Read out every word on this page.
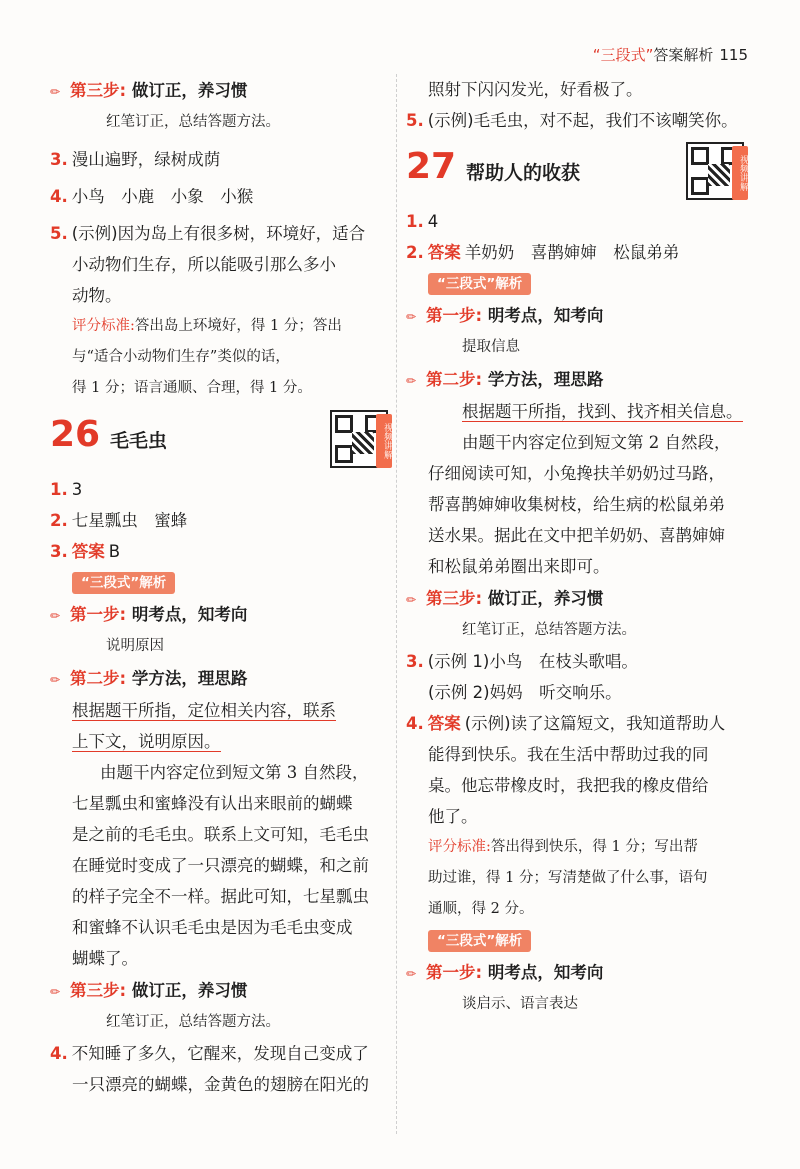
“三段式”答案解析 115
✏ 第三步: 做订正，养习惯
红笔订正，总结答题方法。
3. 漫山遍野，绿树成荫
4. 小鸟　小鹿　小象　小猴
5. (示例)因为岛上有很多树，环境好，适合
小动物们生存，所以能吸引那么多小
动物。
评分标准:答出岛上环境好，得 1 分；答出
与“适合小动物们生存”类似的话，
得 1 分；语言通顺、合理，得 1 分。
26 毛毛虫	视频讲解
1. 3
2. 七星瓢虫　蜜蜂
3. 答案 B
“三段式”解析
✏ 第一步: 明考点，知考向
说明原因
✏ 第二步: 学方法，理思路
根据题干所指，定位相关内容，联系
上下文，说明原因。
由题干内容定位到短文第 3 自然段，
七星瓢虫和蜜蜂没有认出来眼前的蝴蝶
是之前的毛毛虫。联系上文可知，毛毛虫
在睡觉时变成了一只漂亮的蝴蝶，和之前
的样子完全不一样。据此可知，七星瓢虫
和蜜蜂不认识毛毛虫是因为毛毛虫变成
蝴蝶了。
✏ 第三步: 做订正，养习惯
红笔订正，总结答题方法。
4. 不知睡了多久，它醒来，发现自己变成了
一只漂亮的蝴蝶，金黄色的翅膀在阳光的
照射下闪闪发光，好看极了。
5. (示例)毛毛虫，对不起，我们不该嘲笑你。
27 帮助人的收获	视频讲解
1. 4
2. 答案 羊奶奶　喜鹊婶婶　松鼠弟弟
“三段式”解析
✏ 第一步: 明考点，知考向
提取信息
✏ 第二步: 学方法，理思路
根据题干所指，找到、找齐相关信息。
由题干内容定位到短文第 2 自然段，
仔细阅读可知，小兔搀扶羊奶奶过马路，
帮喜鹊婶婶收集树枝，给生病的松鼠弟弟
送水果。据此在文中把羊奶奶、喜鹊婶婶
和松鼠弟弟圈出来即可。
✏ 第三步: 做订正，养习惯
红笔订正，总结答题方法。
3. (示例 1)小鸟　在枝头歌唱。
(示例 2)妈妈　听交响乐。
4. 答案 (示例)读了这篇短文，我知道帮助人
能得到快乐。我在生活中帮助过我的同
桌。他忘带橡皮时，我把我的橡皮借给
他了。
评分标准:答出得到快乐，得 1 分；写出帮
助过谁，得 1 分；写清楚做了什么事，语句
通顺，得 2 分。
“三段式”解析
✏ 第一步: 明考点，知考向
谈启示、语言表达
